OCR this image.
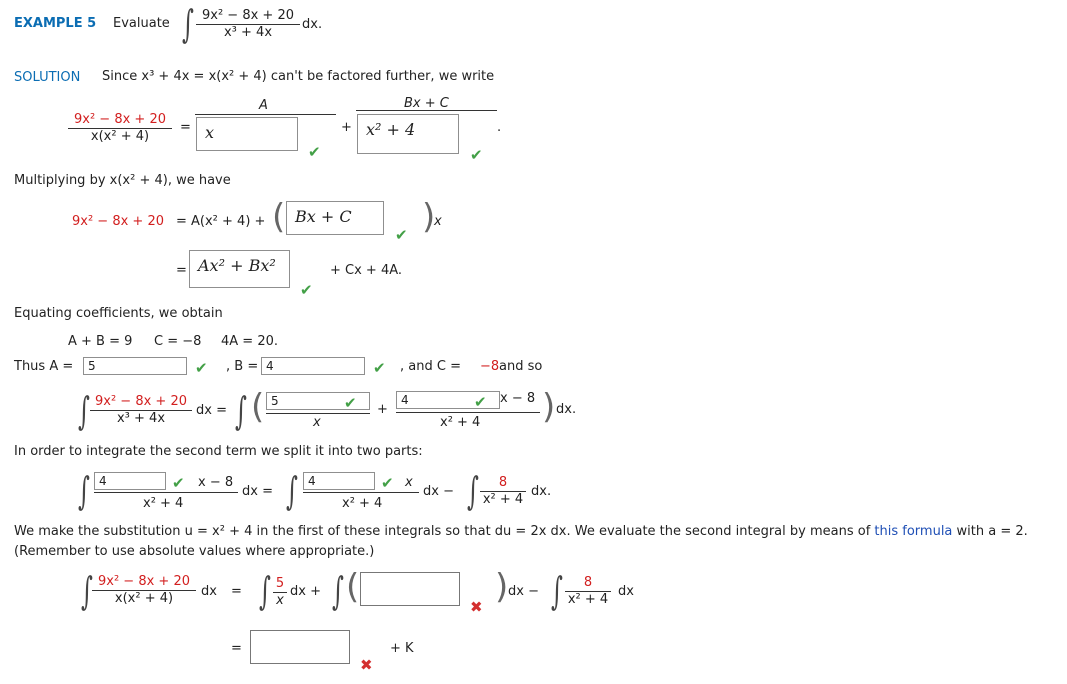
EXAMPLE 5 Evaluate ∫ 9x² − 8x + 20
x³ + 4x
dx.
SOLUTION Since x³ + 4x = x(x² + 4) can't be factored further, we write
9x² − 8x + 20
x(x² + 4)
=
A
x
✔
+
Bx + C
x² + 4
✔
.
Multiplying by x(x² + 4), we have
9x² − 8x + 20 = A(x² + 4) + ( Bx + C
✔ )
x
= Ax² + Bx²
✔
+ Cx + 4A.
Equating coefficients, we obtain
A + B = 9 C = −8 4A = 20.
Thus A =	5	✔ , B = 4	✔ , and C = −8 and so
∫ 9x² − 8x + 20
x³ + 4x
dx = ∫ ( 5	✔
x
+
4	✔ x − 8
x² + 4 ) dx.
In order to integrate the second term we split it into two parts:
∫ 4	✔ x − 8
x² + 4
dx = ∫ 4	✔ x
x² + 4
dx − ∫	8
x² + 4
dx.
We make the substitution u = x² + 4 in the first of these integrals so that du = 2x dx. We evaluate the second integral by means of this formula with a = 2.
(Remember to use absolute values where appropriate.)
∫ 9x² − 8x + 20
x(x² + 4)	dx = ∫ 5
x
dx + ∫ (	✖ ) dx − ∫	8
x² + 4
dx
=
✖
+ K
